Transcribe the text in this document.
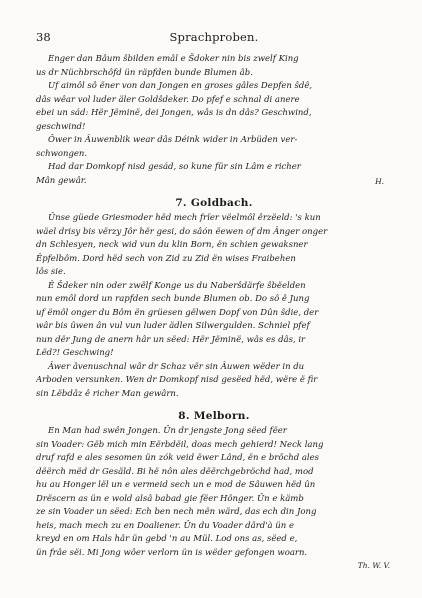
38	Sprachproben.
Enger dan Bâum ŝbilden emâl e Šdoker nin bis zwelf King
us dr Nüchbrschôfd ün räpfden bunde Blumen âb.
Uf aimôl sô ëner von dan Jongen en groses gâles Depfen ŝdê,
dâs wêar vol luder äler Goldŝdeker. Do pfef e schnal di anere
ebei un sád: Hër Jëminë, dei Jongen, wâs is dn dâs? Geschwind,
geschwind!
Ôwer in Âuwenblik wear dâs Déink wider in Arbüden ver-
schwongen.
Had dar Domkopf nisd gesád, so kune für sin Lâm e richer
Mân gewâr.	H.
7. Goldbach.
Ûnse güede Griesmoder hëd mech frïer vëelmôl êrzëeld: 's kun
wäel drisy bis vërzy Jôr hër gesi, do sâón ëewen of dm Ânger onger
dn Schlesyen, neck wid vun du klin Born, ën schien gewaksner
Êpfelbôm. Dord hëd sech von Zid zu Zid ën wises Fraibehen
lôs sie.
Ê Šdeker nin oder zwëlf Konge us du Naberŝdärfe ŝbëelden
nun emôl dord un rapfden sech bunde Blumen ob. Do sô ê Jung
uf ëmôl onger du Bôm ën grüesen gëlwen Dopf von Dûn ŝdie, der
wâr bis ûwen ân vul vun luder ädlen Silwergulden. Schniel pfef
nun dër Jung de anern hâr un sëed: Hër Jëminë, wâs es dâs, ir
Lëd?! Geschwing!
Âwer âvenuschnal wâr dr Schaz vër sin Âuwen wëder in du
Arboden versunken. Wen dr Domkopf nisd gesëed hëd, wëre ë fir
sin Lëbdâz ê richer Man gewârn.
8. Melborn.
En Man had swên Jongen. Ûn dr jengste Jong sëed fëer
sin Voader: Gëb mich min Eërbdëil, doas mech gehierd! Neck lang
druf rafd e ales sesomen ün zók veid ëwer Lând, ën e brôchd ales
dëërch mëd dr Gesäld. Bi hë nôn ales dëërchgebröchd had, mod
hu au Honger lël un e vermeid sech un e mod de Sâuwen hëd ûn
Drëscern as ün e wold alsâ babad gie fëer Hônger. Ûn e kämb
ze sin Voader un sëed: Ech ben nech mën wärd, das ech din Jong
heis, mach mech zu en Doaliener. Ûn du Voader dârd'à ün e
kreyd en om Hals hâr ün gebd 'n au Mül. Lod ons as, sëed e,
ün frâe sëi. Mi Jong wôer verlorn ün is wëder gefongen woarn.
Th. W. V.
